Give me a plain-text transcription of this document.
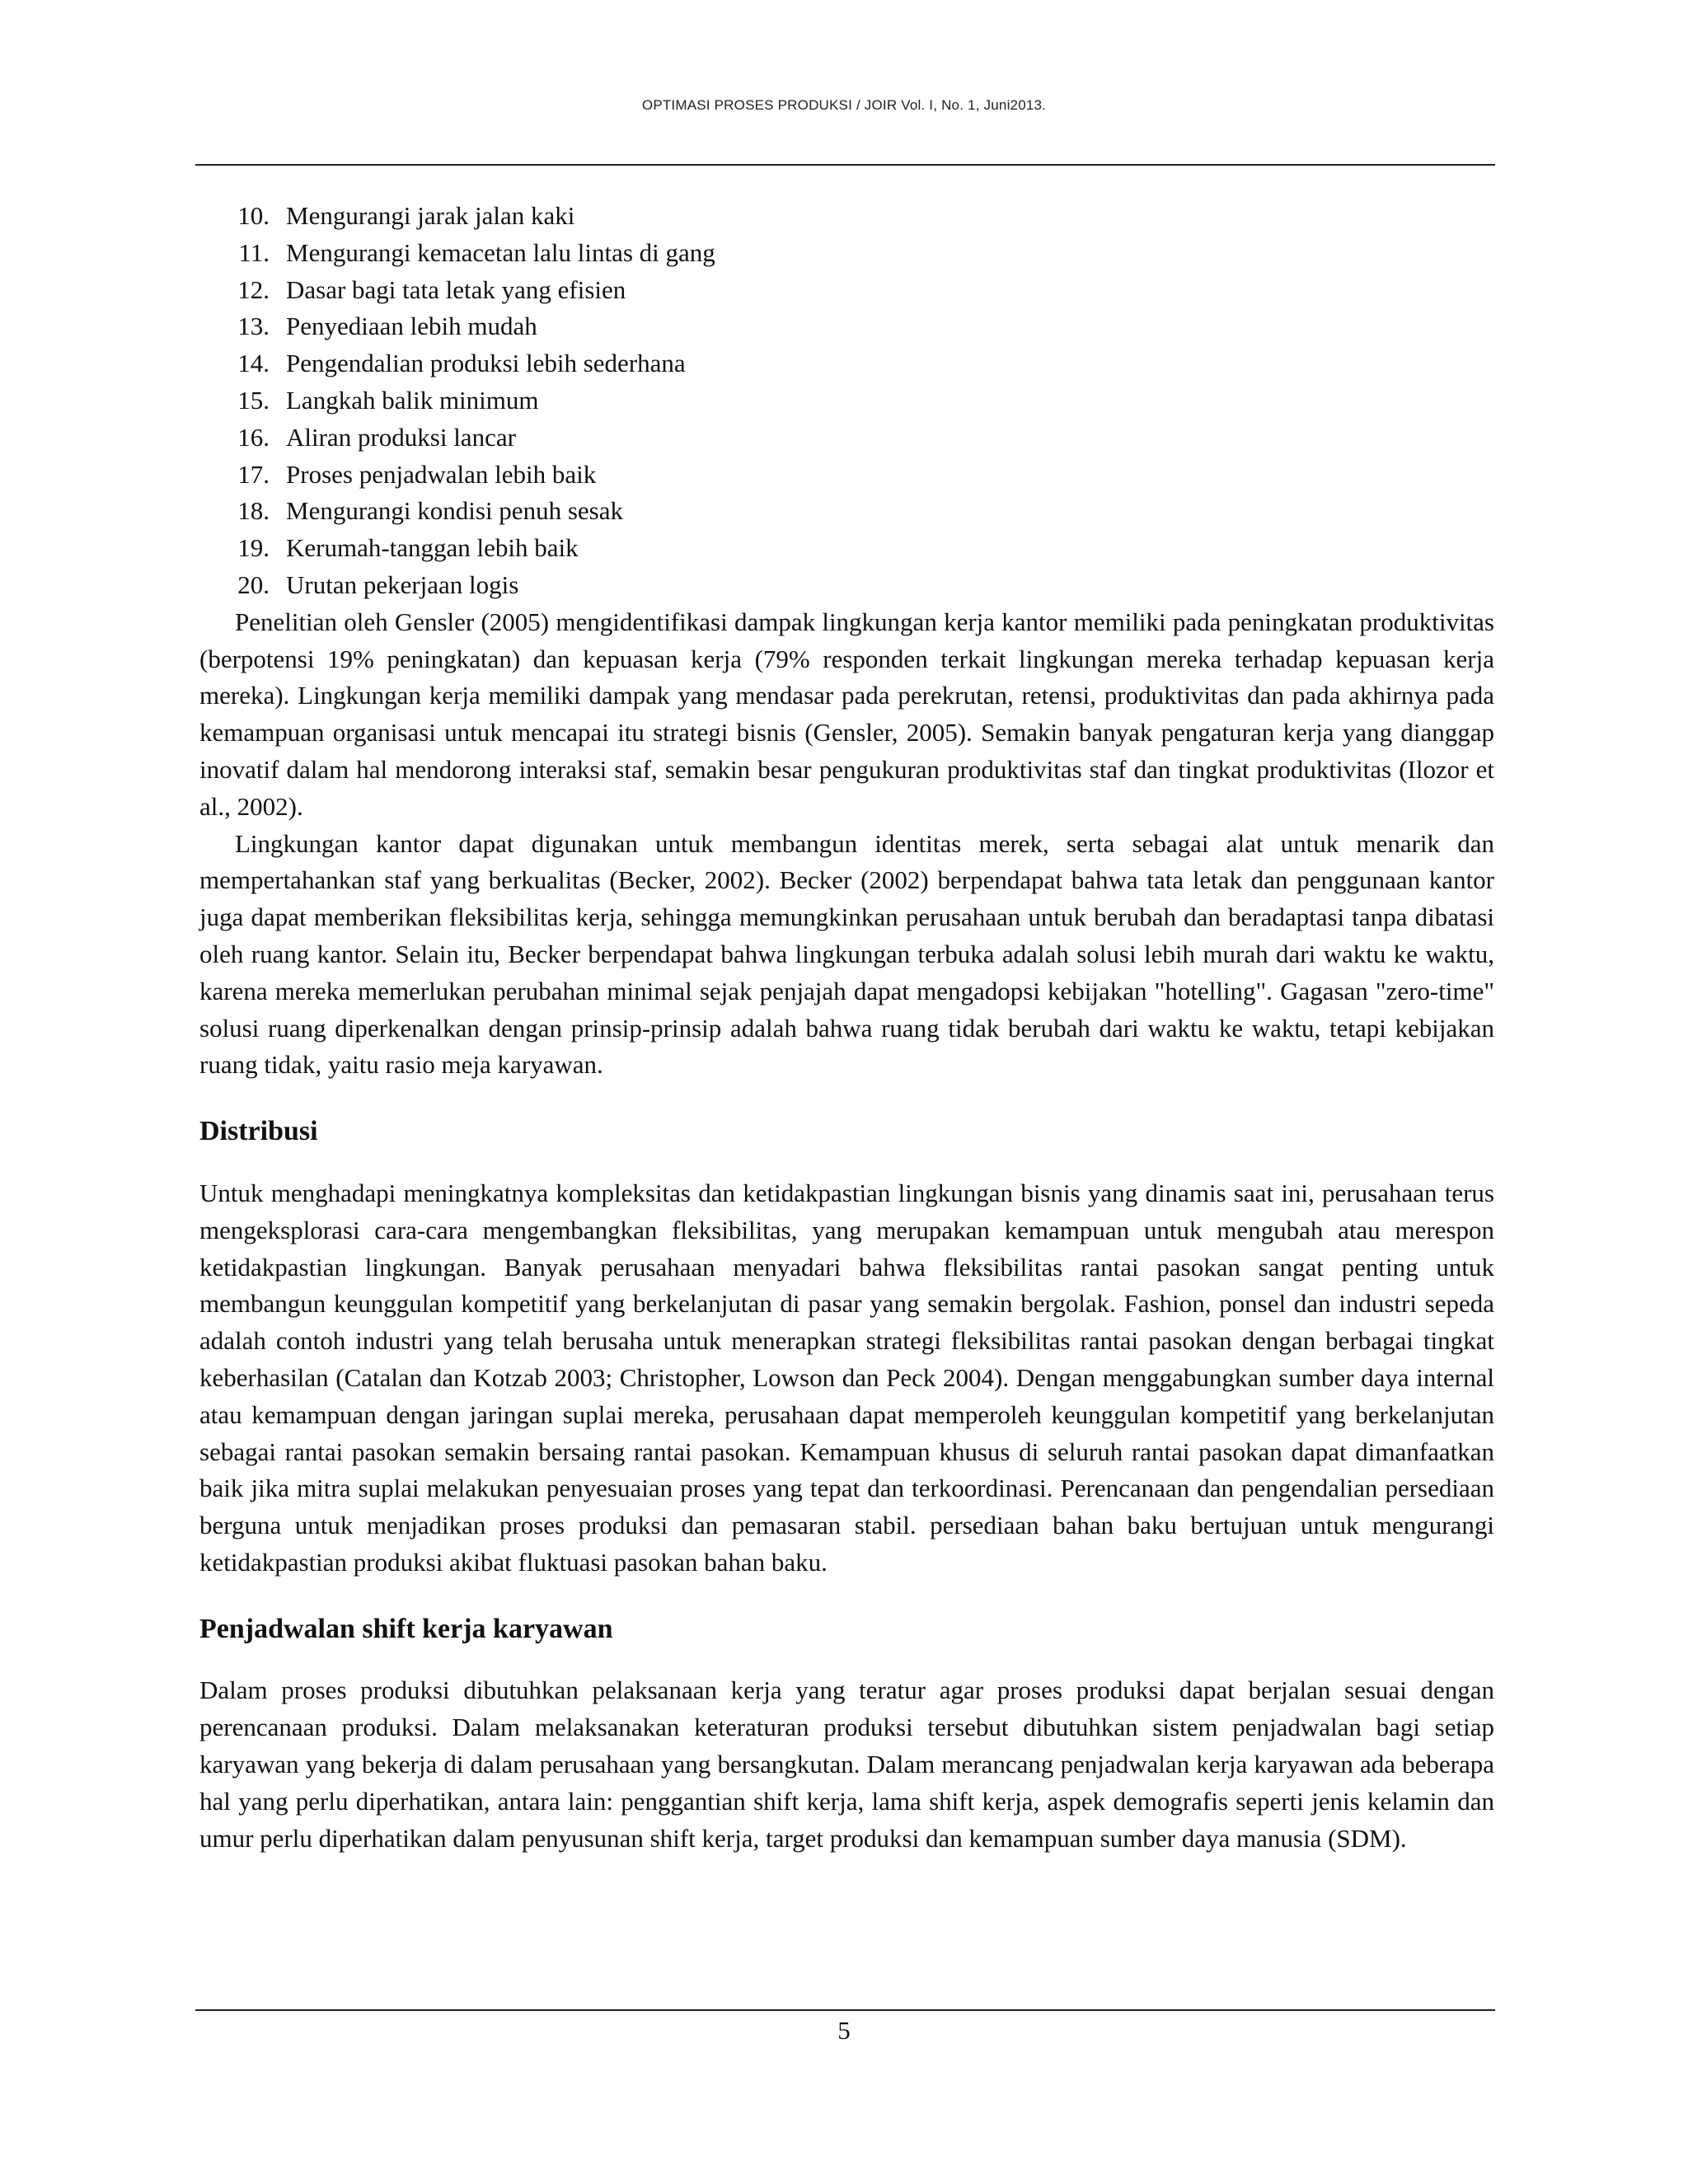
OPTIMASI PROSES PRODUKSI / JOIR Vol. I, No. 1, Juni2013.
10. Mengurangi jarak jalan kaki
11. Mengurangi kemacetan lalu lintas di gang
12. Dasar bagi tata letak yang efisien
13. Penyediaan lebih mudah
14. Pengendalian produksi lebih sederhana
15. Langkah balik minimum
16. Aliran produksi lancar
17. Proses penjadwalan lebih baik
18. Mengurangi kondisi penuh sesak
19. Kerumah-tanggan lebih baik
20. Urutan pekerjaan logis

Penelitian oleh Gensler (2005) mengidentifikasi dampak lingkungan kerja kantor memiliki pada peningkatan produktivitas (berpotensi 19% peningkatan) dan kepuasan kerja (79% responden terkait lingkungan mereka terhadap kepuasan kerja mereka). Lingkungan kerja memiliki dampak yang mendasar pada perekrutan, retensi, produktivitas dan pada akhirnya pada kemampuan organisasi untuk mencapai itu strategi bisnis (Gensler, 2005). Semakin banyak pengaturan kerja yang dianggap inovatif dalam hal mendorong interaksi staf, semakin besar pengukuran produktivitas staf dan tingkat produktivitas (Ilozor et al., 2002).

Lingkungan kantor dapat digunakan untuk membangun identitas merek, serta sebagai alat untuk menarik dan mempertahankan staf yang berkualitas (Becker, 2002). Becker (2002) berpendapat bahwa tata letak dan penggunaan kantor juga dapat memberikan fleksibilitas kerja, sehingga memungkinkan perusahaan untuk berubah dan beradaptasi tanpa dibatasi oleh ruang kantor. Selain itu, Becker berpendapat bahwa lingkungan terbuka adalah solusi lebih murah dari waktu ke waktu, karena mereka memerlukan perubahan minimal sejak penjajah dapat mengadopsi kebijakan "hotelling". Gagasan "zero-time" solusi ruang diperkenalkan dengan prinsip-prinsip adalah bahwa ruang tidak berubah dari waktu ke waktu, tetapi kebijakan ruang tidak, yaitu rasio meja karyawan.

Distribusi

Untuk menghadapi meningkatnya kompleksitas dan ketidakpastian lingkungan bisnis yang dinamis saat ini, perusahaan terus mengeksplorasi cara-cara mengembangkan fleksibilitas, yang merupakan kemampuan untuk mengubah atau merespon ketidakpastian lingkungan. Banyak perusahaan menyadari bahwa fleksibilitas rantai pasokan sangat penting untuk membangun keunggulan kompetitif yang berkelanjutan di pasar yang semakin bergolak. Fashion, ponsel dan industri sepeda adalah contoh industri yang telah berusaha untuk menerapkan strategi fleksibilitas rantai pasokan dengan berbagai tingkat keberhasilan (Catalan dan Kotzab 2003; Christopher, Lowson dan Peck 2004). Dengan menggabungkan sumber daya internal atau kemampuan dengan jaringan suplai mereka, perusahaan dapat memperoleh keunggulan kompetitif yang berkelanjutan sebagai rantai pasokan semakin bersaing rantai pasokan. Kemampuan khusus di seluruh rantai pasokan dapat dimanfaatkan baik jika mitra suplai melakukan penyesuaian proses yang tepat dan terkoordinasi. Perencanaan dan pengendalian persediaan berguna untuk menjadikan proses produksi dan pemasaran stabil. persediaan bahan baku bertujuan untuk mengurangi ketidakpastian produksi akibat fluktuasi pasokan bahan baku.

Penjadwalan shift kerja karyawan

Dalam proses produksi dibutuhkan pelaksanaan kerja yang teratur agar proses produksi dapat berjalan sesuai dengan perencanaan produksi. Dalam melaksanakan keteraturan produksi tersebut dibutuhkan sistem penjadwalan bagi setiap karyawan yang bekerja di dalam perusahaan yang bersangkutan. Dalam merancang penjadwalan kerja karyawan ada beberapa hal yang perlu diperhatikan, antara lain: penggantian shift kerja, lama shift kerja, aspek demografis seperti jenis kelamin dan umur perlu diperhatikan dalam penyusunan shift kerja, target produksi dan kemampuan sumber daya manusia (SDM).

5
